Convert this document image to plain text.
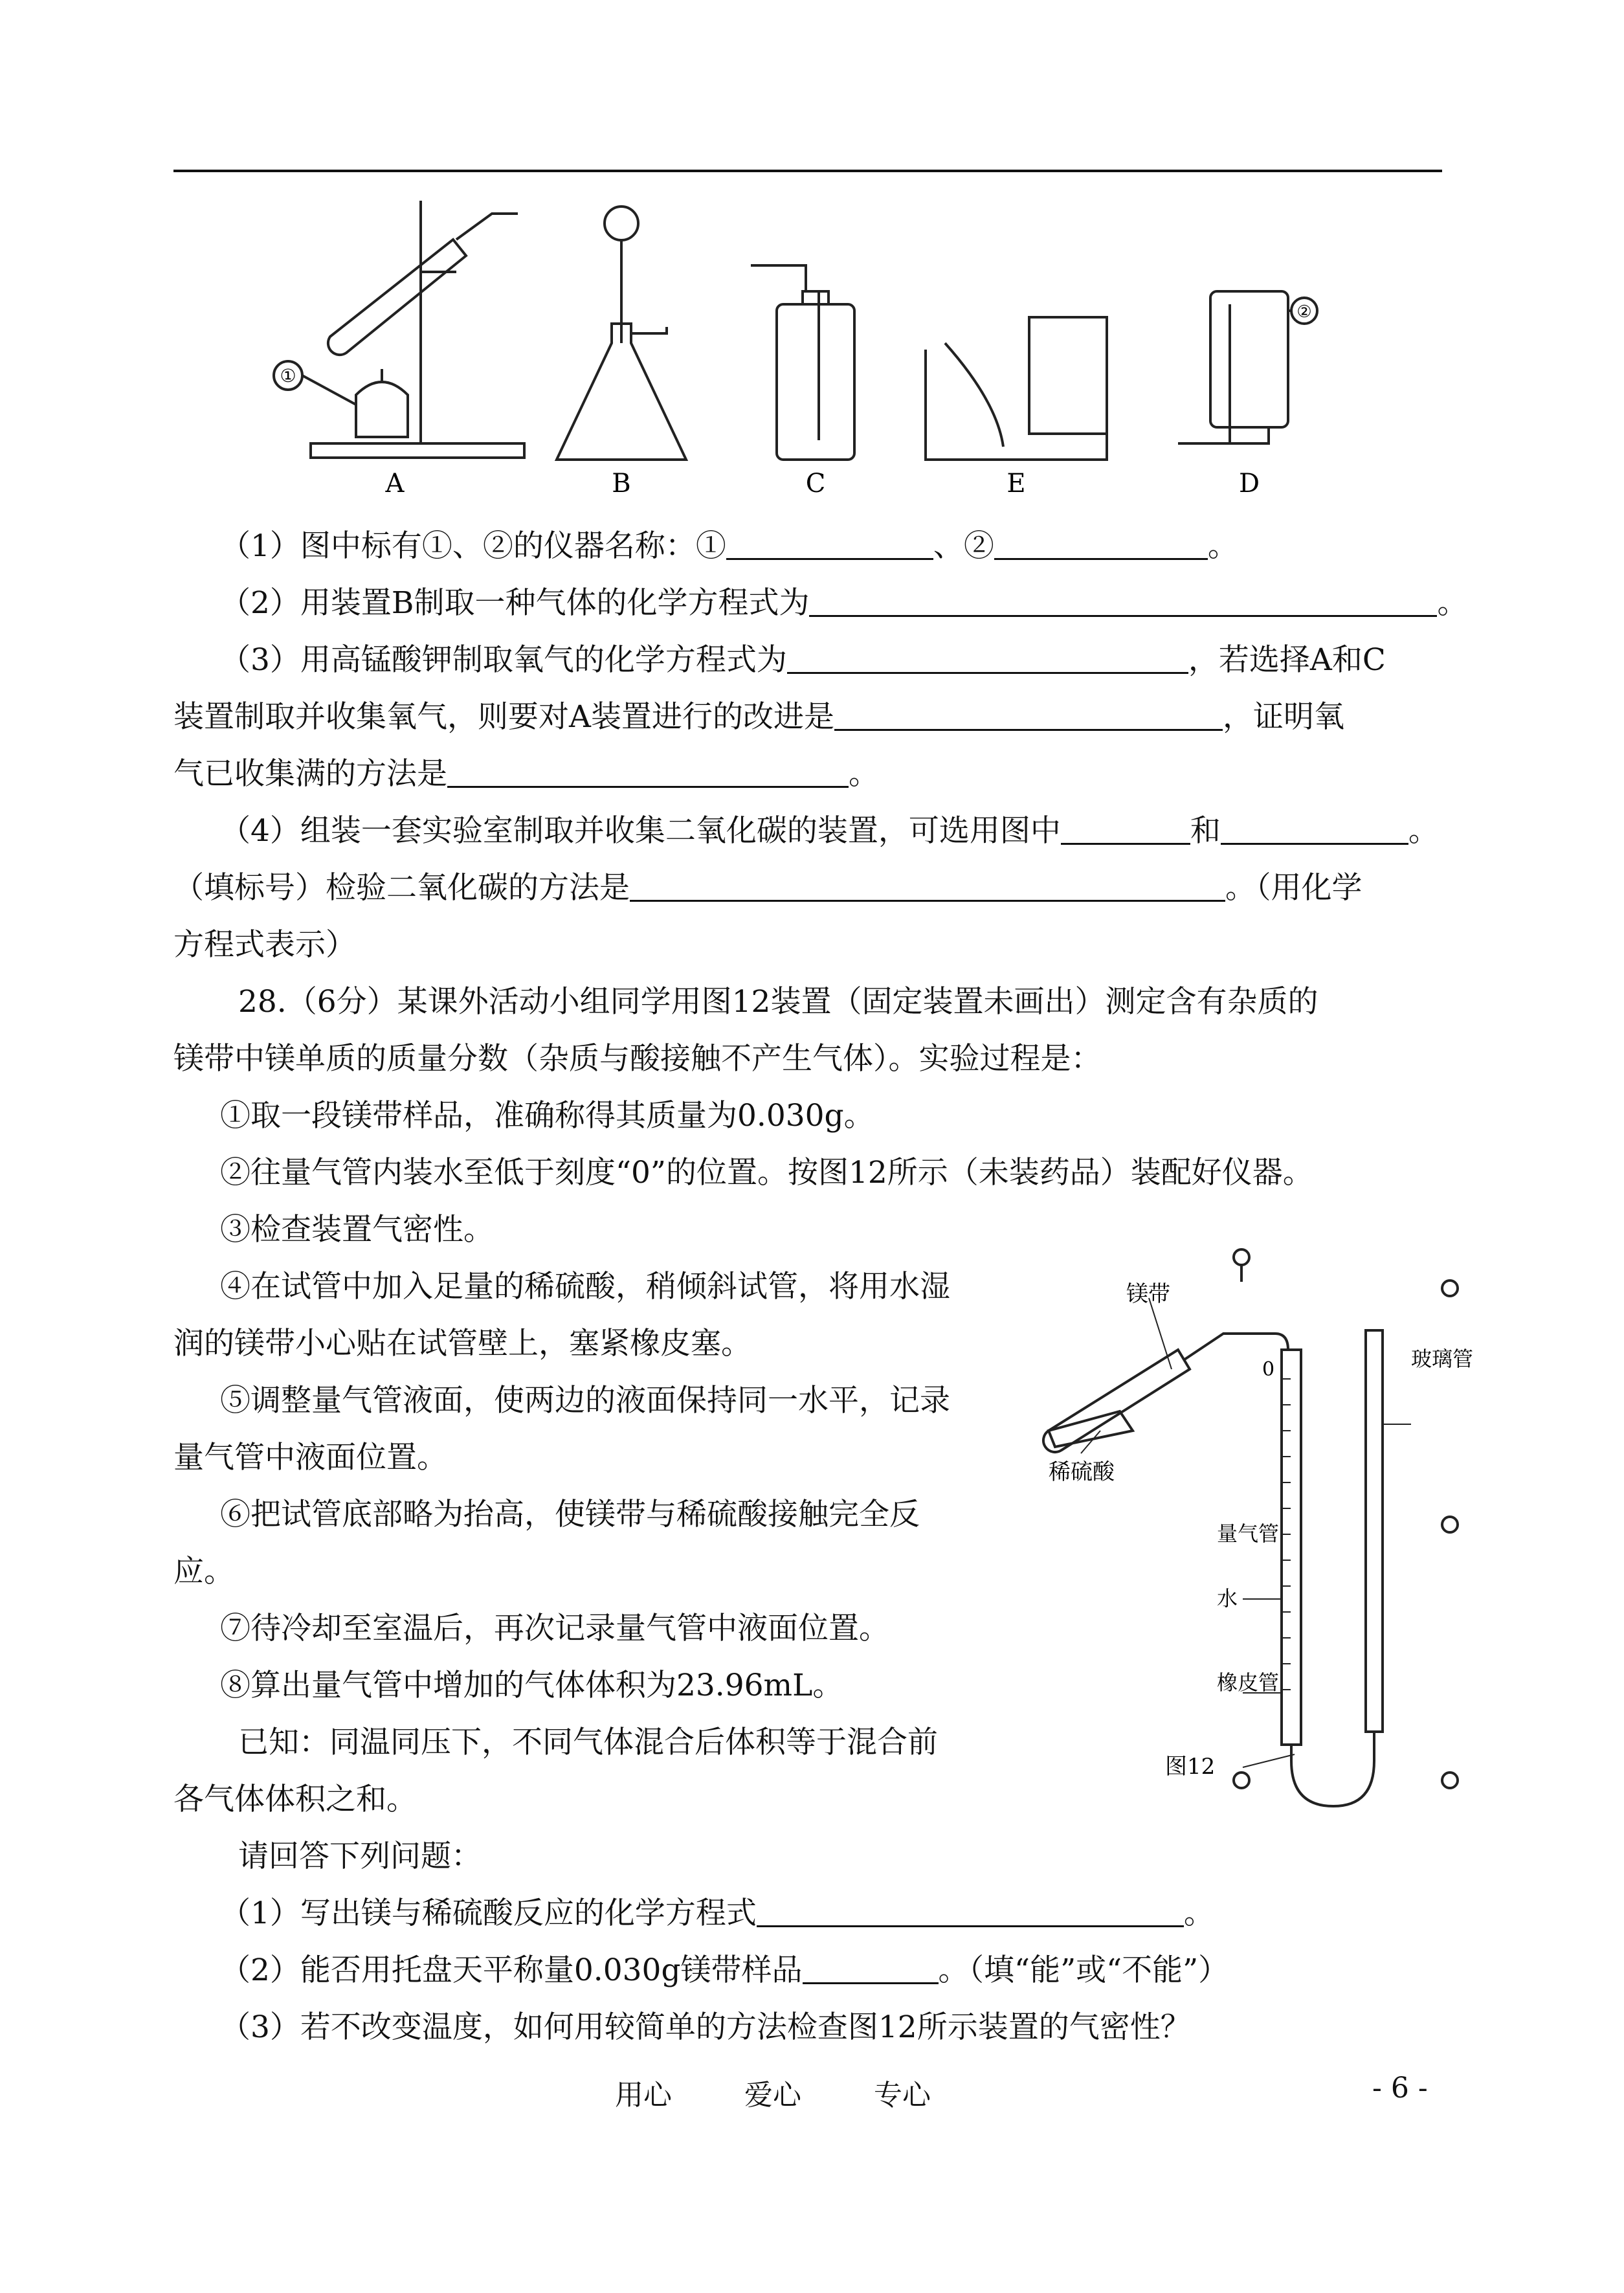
①
②
A	B	C	E	D
（1）图中标有①、②的仪器名称：①	、②	。
（2）用装置B制取一种气体的化学方程式为	。
（3）用高锰酸钾制取氧气的化学方程式为	，若选择A和C
装置制取并收集氧气，则要对A装置进行的改进是	，证明氧
气已收集满的方法是	。
（4）组装一套实验室制取并收集二氧化碳的装置，可选用图中	和	。
（填标号）检验二氧化碳的方法是	。（用化学
方程式表示）
28.（6分）某课外活动小组同学用图12装置（固定装置未画出）测定含有杂质的
镁带中镁单质的质量分数（杂质与酸接触不产生气体）。实验过程是：
①取一段镁带样品，准确称得其质量为0.030g。
②往量气管内装水至低于刻度“0”的位置。按图12所示（未装药品）装配好仪器。
③检查装置气密性。
④在试管中加入足量的稀硫酸，稍倾斜试管，将用水湿
润的镁带小心贴在试管壁上，塞紧橡皮塞。
⑤调整量气管液面，使两边的液面保持同一水平，记录
量气管中液面位置。
⑥把试管底部略为抬高，使镁带与稀硫酸接触完全反
应。
⑦待冷却至室温后，再次记录量气管中液面位置。
⑧算出量气管中增加的气体体积为23.96mL。
已知：同温同压下，不同气体混合后体积等于混合前
各气体体积之和。
请回答下列问题：
（1）写出镁与稀硫酸反应的化学方程式	。
（2）能否用托盘天平称量0.030g镁带样品	。（填“能”或“不能”）
（3）若不改变温度，如何用较简单的方法检查图12所示装置的气密性？
镁带
稀硫酸
0
量气管
水
橡皮管
玻璃管
图12
用心	爱心	专心	- 6 -
